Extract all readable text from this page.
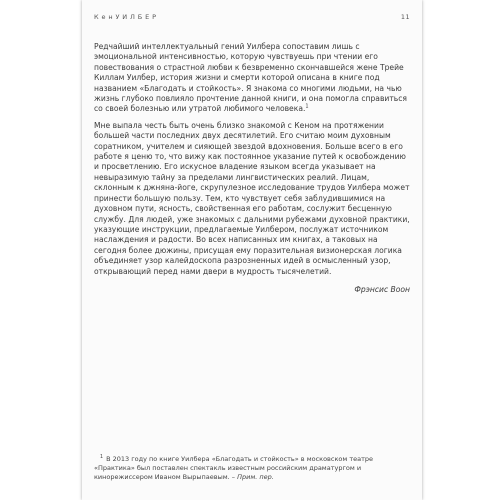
К е н У И Л Б Е Р	11

Редчайший интеллектуальный гений Уилбера сопоставим лишь с эмоциональной интенсивностью, которую чувствуешь при чтении его повествования о страстной любви к безвременно скончавшейся жене Трейе Киллам Уилбер, история жизни и смерти которой описана в книге под названием «Благодать и стойкость». Я знакома со многими людьми, на чью жизнь глубоко повлияло прочтение данной книги, и она помогла справиться со своей болезнью или утратой любимого человека.$^1$

Мне выпала честь быть очень близко знакомой с Кеном на протяжении большей части последних двух десятилетий. Его считаю моим духовным соратником, учителем и сияющей звездой вдохновения. Больше всего в его работе я ценю то, что вижу как постоянное указание путей к освобождению и просветлению. Его искусное владение языком всегда указывает на невыразимую тайну за пределами лингвистических реалий. Лицам, склонным к джняна-йоге, скрупулезное исследование трудов Уилбера может принести большую пользу. Тем, кто чувствует себя заблудившимися на духовном пути, ясность, свойственная его работам, сослужит бесценную службу. Для людей, уже знакомых с дальними рубежами духовной практики, указующие инструкции, предлагаемые Уилбером, послужат источником наслаждения и радости. Во всех написанных им книгах, а таковых на сегодня более дюжины, присущая ему поразительная визионерская логика объединяет узор калейдоскопа разрозненных идей в осмысленный узор, открывающий перед нами двери в мудрость тысячелетий.

Фрэнсис Воон
$^1$ В 2013 году по книге Уилбера «Благодать и стойкость» в московском театре «Практика» был поставлен спектакль известным российским драматургом и кинорежиссером Иваном Вырыпаевым. – Прим. пер.
